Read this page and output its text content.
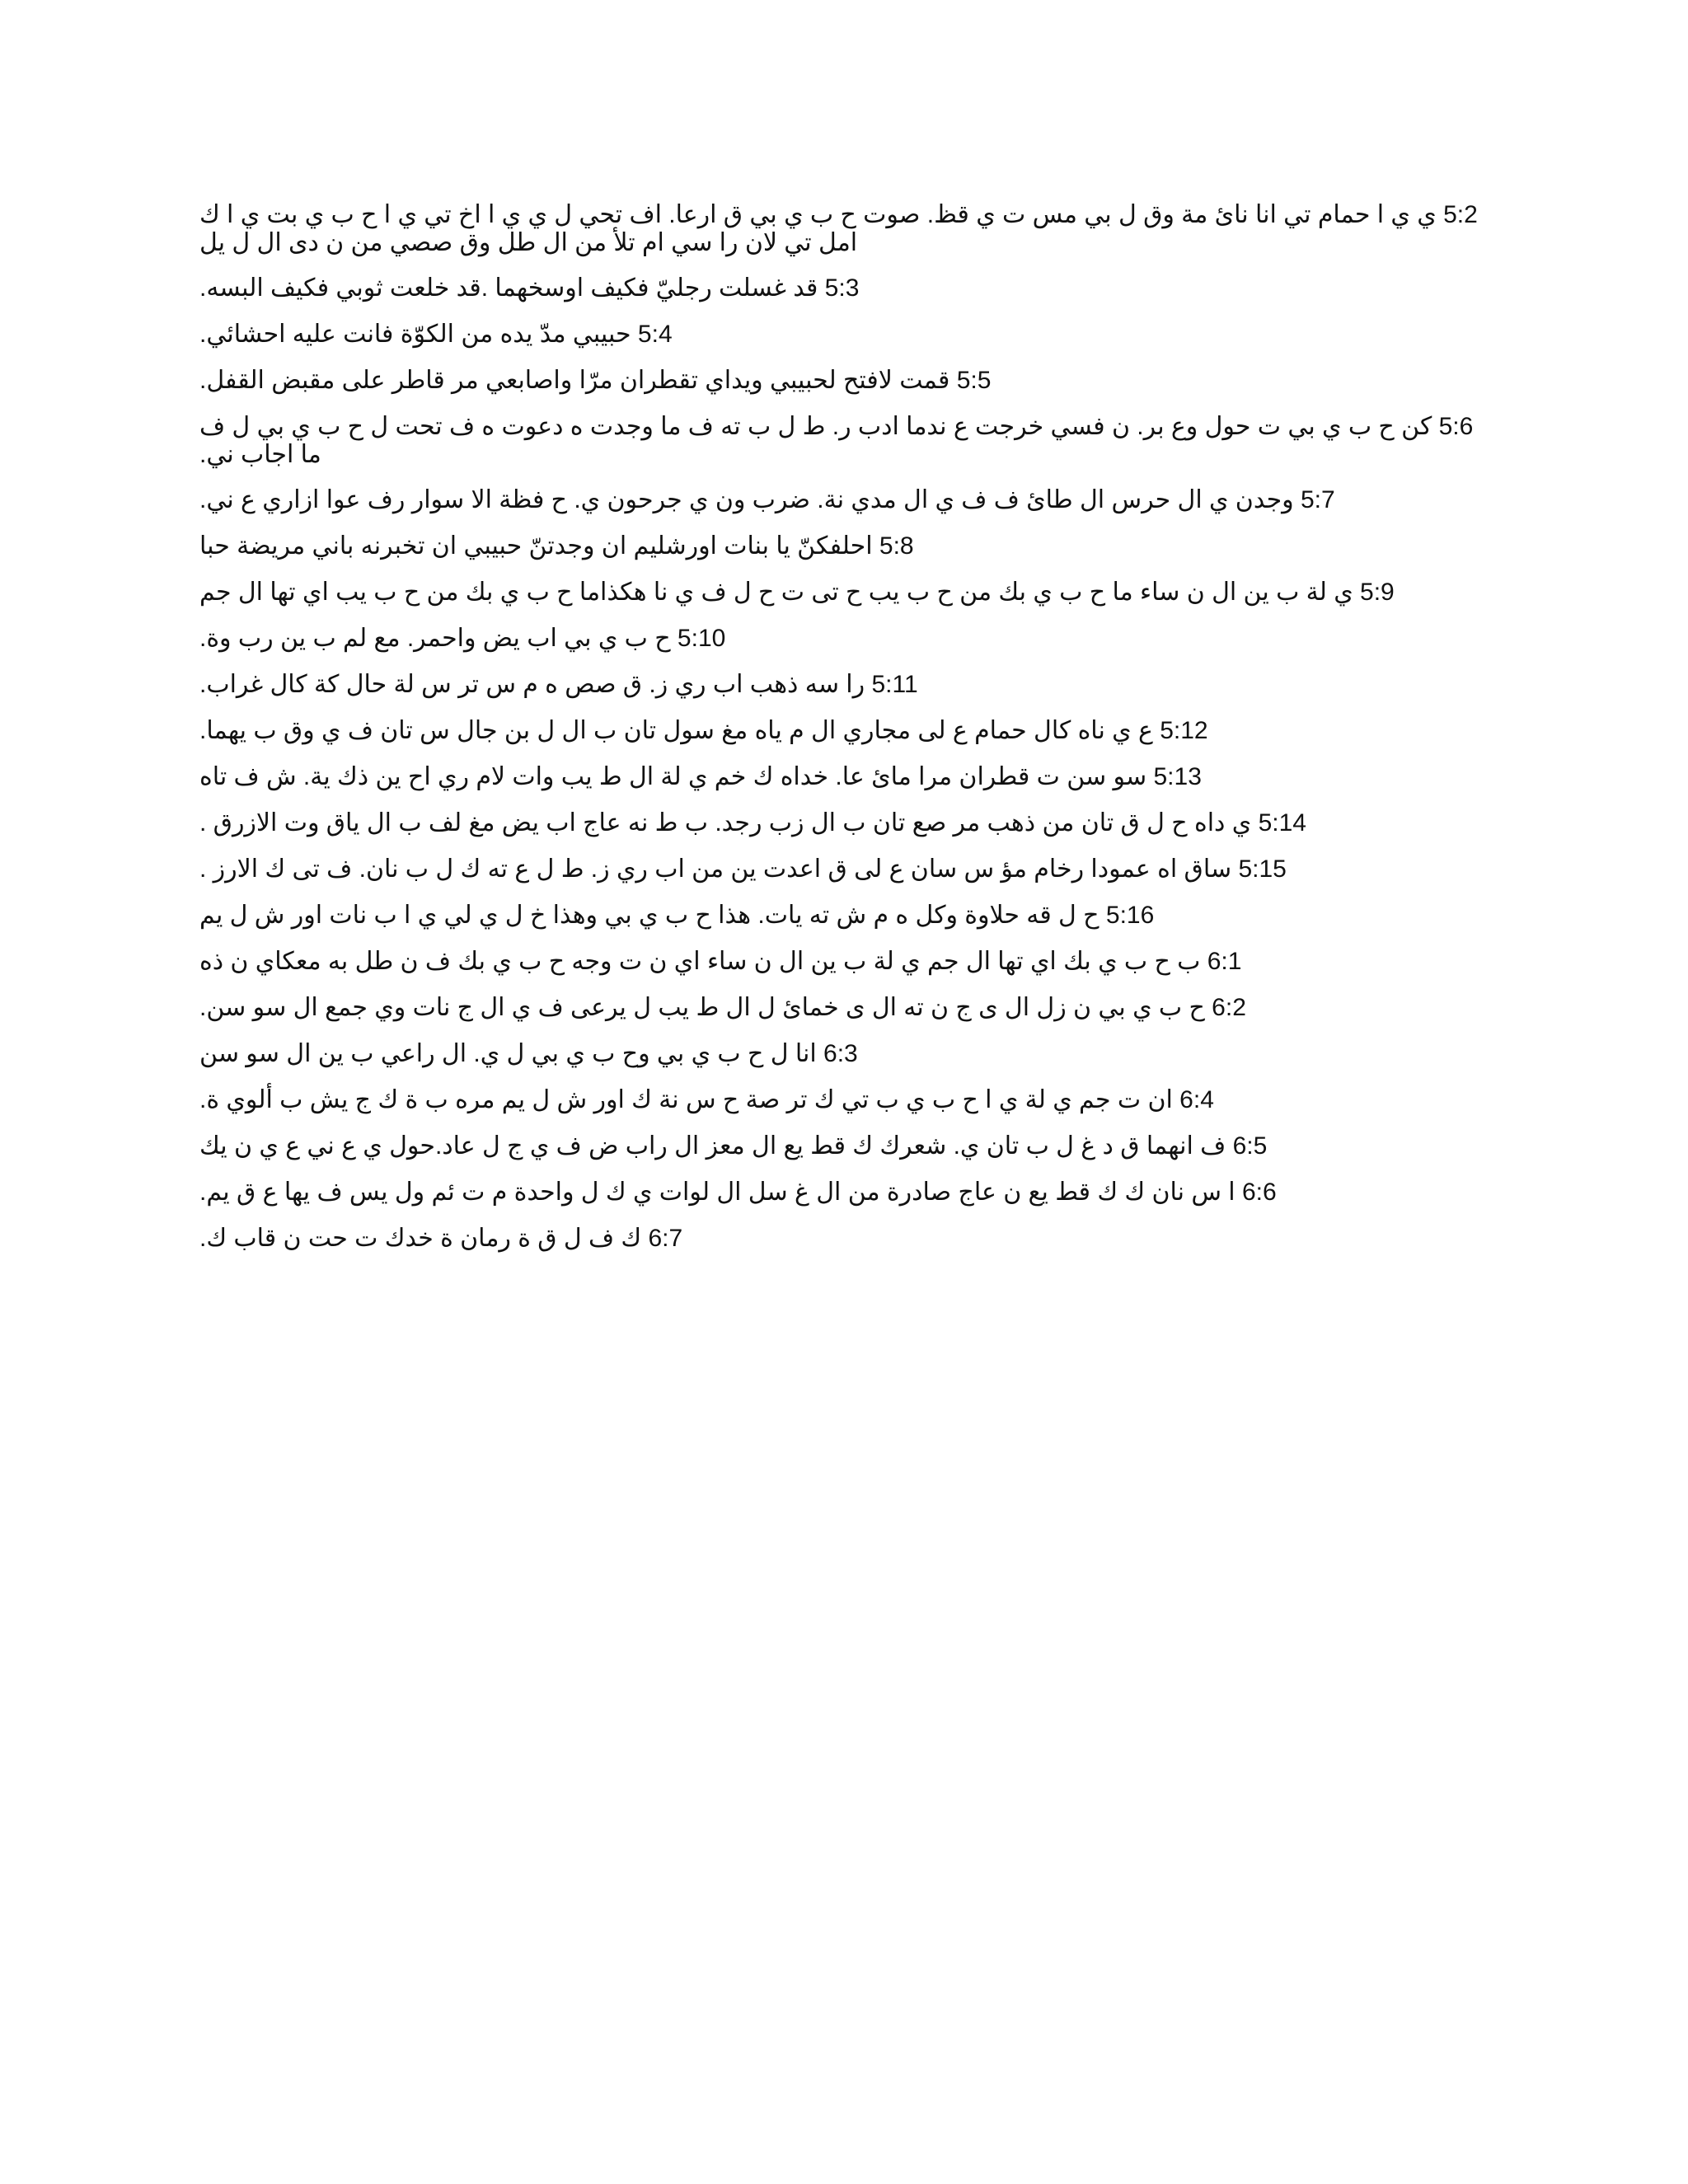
5:2 ي ي ا حمام تي انا نائ مة وق ل بي مس ت ي قظ. صوت ح ب ي بي ق ارعا. اف تحي ل ي ي ا اخ تي ي ا ح ب ي بت ي ا ك امل تي لان را سي ام تلأ من ال طل وق صصي من ن دى ال ل يل
5:3 قد غسلت رجليّ فكيف اوسخهما .قد خلعت ثوبي فكيف البسه.
5:4 حبيبي مدّ يده من الكوّة فانت عليه احشائي.
5:5 قمت لافتح لحبيبي ويداي تقطران مرّا واصابعي مر قاطر على مقبض القفل.
5:6 كن ح ب ي بي ت حول وع بر. ن فسي خرجت ع ندما ادب ر. ط ل ب ته ف ما وجدت ه دعوت ه ف تحت ل ح ب ي بي ل ف ما اجاب ني.
5:7 وجدن ي ال حرس ال طائ ف ف ي ال مدي نة. ضرب ون ي جرحون ي. ح فظة الا سوار رف عوا ازاري ع ني.
5:8 احلفكنّ يا بنات اورشليم ان وجدتنّ حبيبي ان تخبرنه باني مريضة حبا
5:9 ي لة ب ين ال ن ساء ما ح ب ي بك من ح ب يب ح تى ت ح ل ف ي نا هكذاما ح ب ي بك من ح ب يب اي تها ال جم
5:10 ح ب ي بي اب يض واحمر. مع لم ب ين رب وة.
5:11 را سه ذهب اب ري ز. ق صص ه م س تر س لة حال كة كال غراب.
5:12 ع ي ناه كال حمام ع لى مجاري ال م ياه مغ سول تان ب ال ل بن جال س تان ف ي وق ب يهما.
5:13 سو سن ت قطران مرا مائ عا. خداه ك خم ي لة ال ط يب وات لام ري اح ين ذك ية. ش ف تاه
5:14 ي داه ح ل ق تان من ذهب مر صع تان ب ال زب رجد. ب ط نه عاج اب يض مغ لف ب ال ياق وت الازرق .
5:15 ساق اه عمودا رخام مؤ س سان ع لى ق اعدت ين من اب ري ز. ط ل ع ته ك ل ب نان. ف تى ك الارز .
5:16 ح ل قه حلاوة وكل ه م ش ته يات. هذا ح ب ي بي وهذا خ ل ي لي ي ا ب نات اور ش ل يم
6:1 ب ح ب ي بك اي تها ال جم ي لة ب ين ال ن ساء اي ن ت وجه ح ب ي بك ف ن طل به معكاي ن ذه
6:2 ح ب ي بي ن زل ال ى ج ن ته ال ى خمائ ل ال ط يب ل يرعى ف ي ال ج نات وي جمع ال سو سن.
6:3 انا ل ح ب ي بي وح ب ي بي ل ي. ال راعي ب ين ال سو سن
6:4 ان ت جم ي لة ي ا ح ب ي ب تي ك تر صة ح س نة ك اور ش ل يم مره ب ة ك ج يش ب ألوي ة.
6:5 ف انهما ق د غ ل ب تان ي. شعرك ك قط يع ال معز ال راب ض ف ي ج ل عاد.حول ي ع ني ع ي ن يك
6:6 ا س نان ك ك قط يع ن عاج صادرة من ال غ سل ال لوات ي ك ل واحدة م ت ئم ول يس ف يها ع ق يم.
6:7 ك ف ل ق ة رمان ة خدك ت حت ن قاب ك.
